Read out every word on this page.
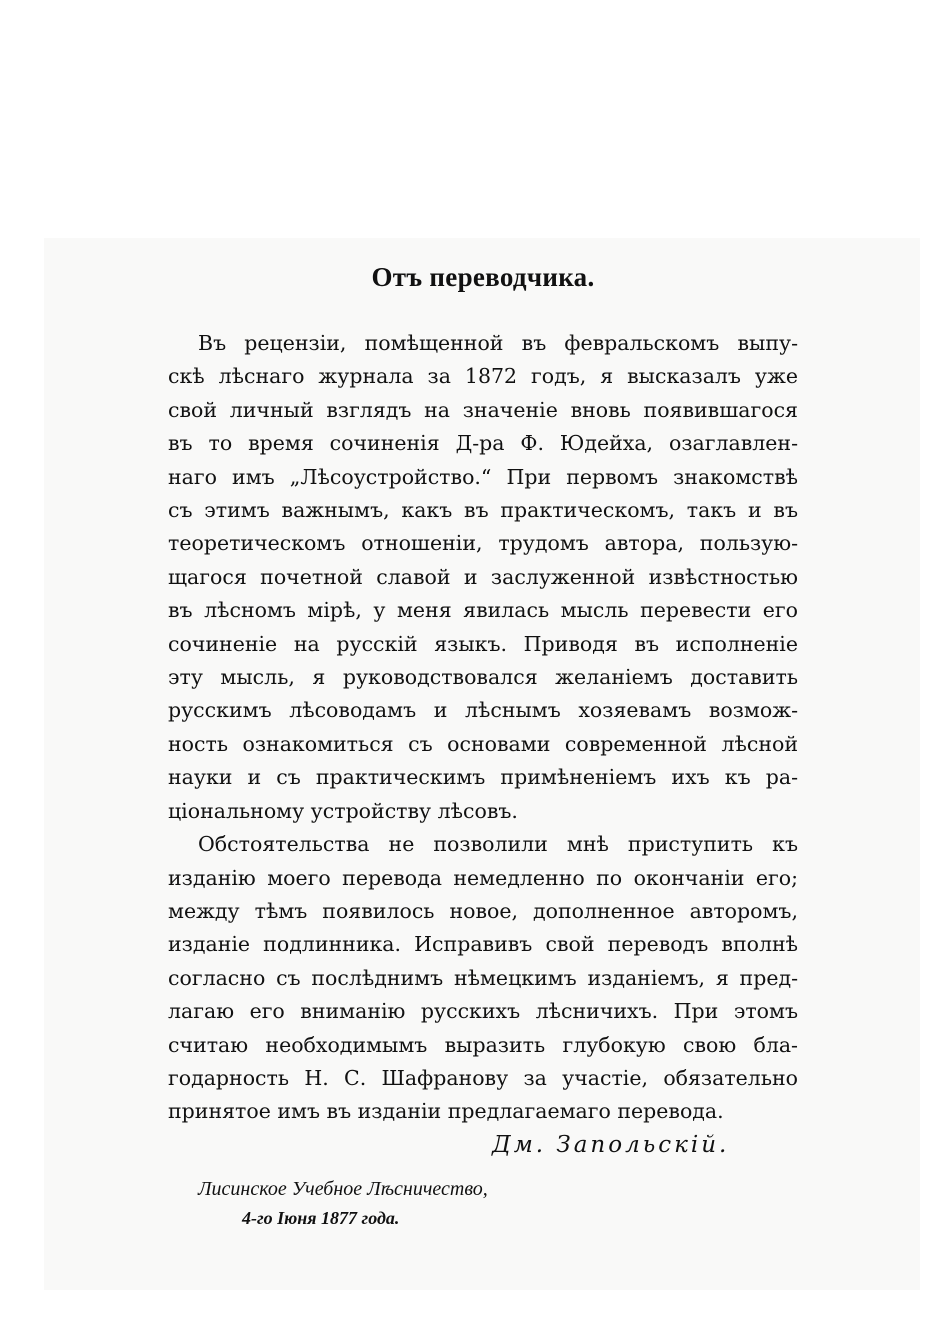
Отъ переводчика.
Въ рецензіи, помѣщенной въ февральскомъ выпу-
скѣ лѣснаго журнала за 1872 годъ, я высказалъ уже
свой личный взглядъ на значеніе вновь появившагося
въ то время сочиненія Д-ра Ф. Юдейха, озаглавлен-
наго имъ „Лѣсоустройство.“ При первомъ знакомствѣ
съ этимъ важнымъ, какъ въ практическомъ, такъ и въ
теоретическомъ отношеніи, трудомъ автора, пользую-
щагося почетной славой и заслуженной извѣстностью
въ лѣсномъ мірѣ, у меня явилась мысль перевести его
сочиненіе на русскій языкъ. Приводя въ исполненіе
эту мысль, я руководствовался желаніемъ доставить
русскимъ лѣсоводамъ и лѣснымъ хозяевамъ возмож-
ность ознакомиться съ основами современной лѣсной
науки и съ практическимъ примѣненіемъ ихъ къ ра-
ціональному устройству лѣсовъ.
Обстоятельства не позволили мнѣ приступить къ
изданію моего перевода немедленно по окончаніи его;
между тѣмъ появилось новое, дополненное авторомъ,
изданіе подлинника. Исправивъ свой переводъ вполнѣ
согласно съ послѣднимъ нѣмецкимъ изданіемъ, я пред-
лагаю его вниманію русскихъ лѣсничихъ. При этомъ
считаю необходимымъ выразить глубокую свою бла-
годарность Н. С. Шафранову за участіе, обязательно
принятое имъ въ изданіи предлагаемаго перевода.
Дм. Запольскій.
Лисинское Учебное Лѣсничество,
4-го Іюня 1877 года.
